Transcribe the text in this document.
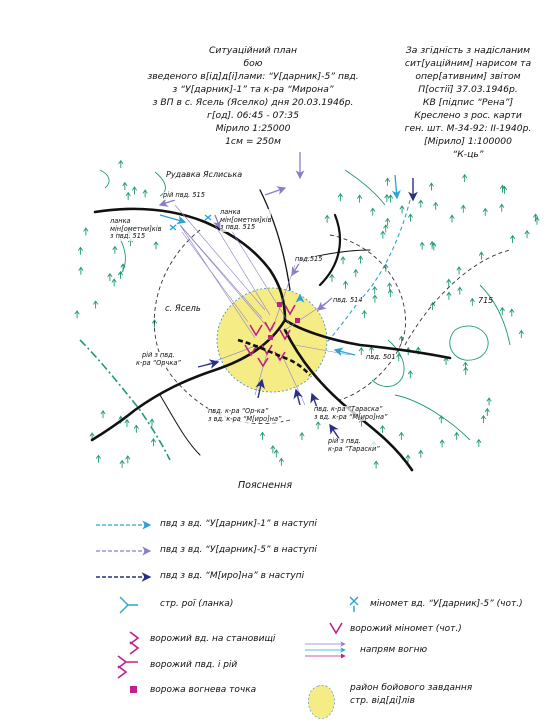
Ситуаційний план
бою
зведеного в[ід]д[і]лами: “У[дарник]-5” пвд.
з “У[дарник]-1” та к-ра “Мирона”
з ВП в с. Ясель (Яселко) дня 20.03.1946р.
г[од]. 06:45 - 07:35
Мірило 1:25000
1см = 250м
За згідність з надісланим
сит[уаційним] нарисом та
опер[ативним] звітом
П[остії] 37.03.1946р.
КВ [підпис “Рена”]
Креслено з рос. карти
ген. шт. М-34-92: II-1940р.
[Мірило] 1:100000
“К-ць”
Рудавка Яслиська
рій пвд. 515
ланка
мін[ометни]ків
з пвд. 515
ланка
мін[ометни]ків
з пвд. 515
пвд.515
пвд. 514
пвд. 501
715
с. Ясель
рій з пвд.
к-ра “Орчка”
пвд. к-ра “Ор-ка”
з вд. к-ра “М[иро]на”
пвд. к-ра “Тараска”
з вд. к-ра “М[иро]на”
рій з пвд.
к-ра “Тараски”
Пояснення
пвд з вд. “У[дарник]-1” в наступі
пвд з вд. “У[дарник]-5” в наступі
пвд з вд. “М[иро]на” в наступі
стр. рої (ланка)	міномет вд. “У[дарник]-5” (чот.)
ворожий вд. на становищі
ворожий міномет (чот.)
напрям вогню
ворожий пвд. і рій
ворожа вогнева точка	район бойового завдання
стр. від[ді]лів
